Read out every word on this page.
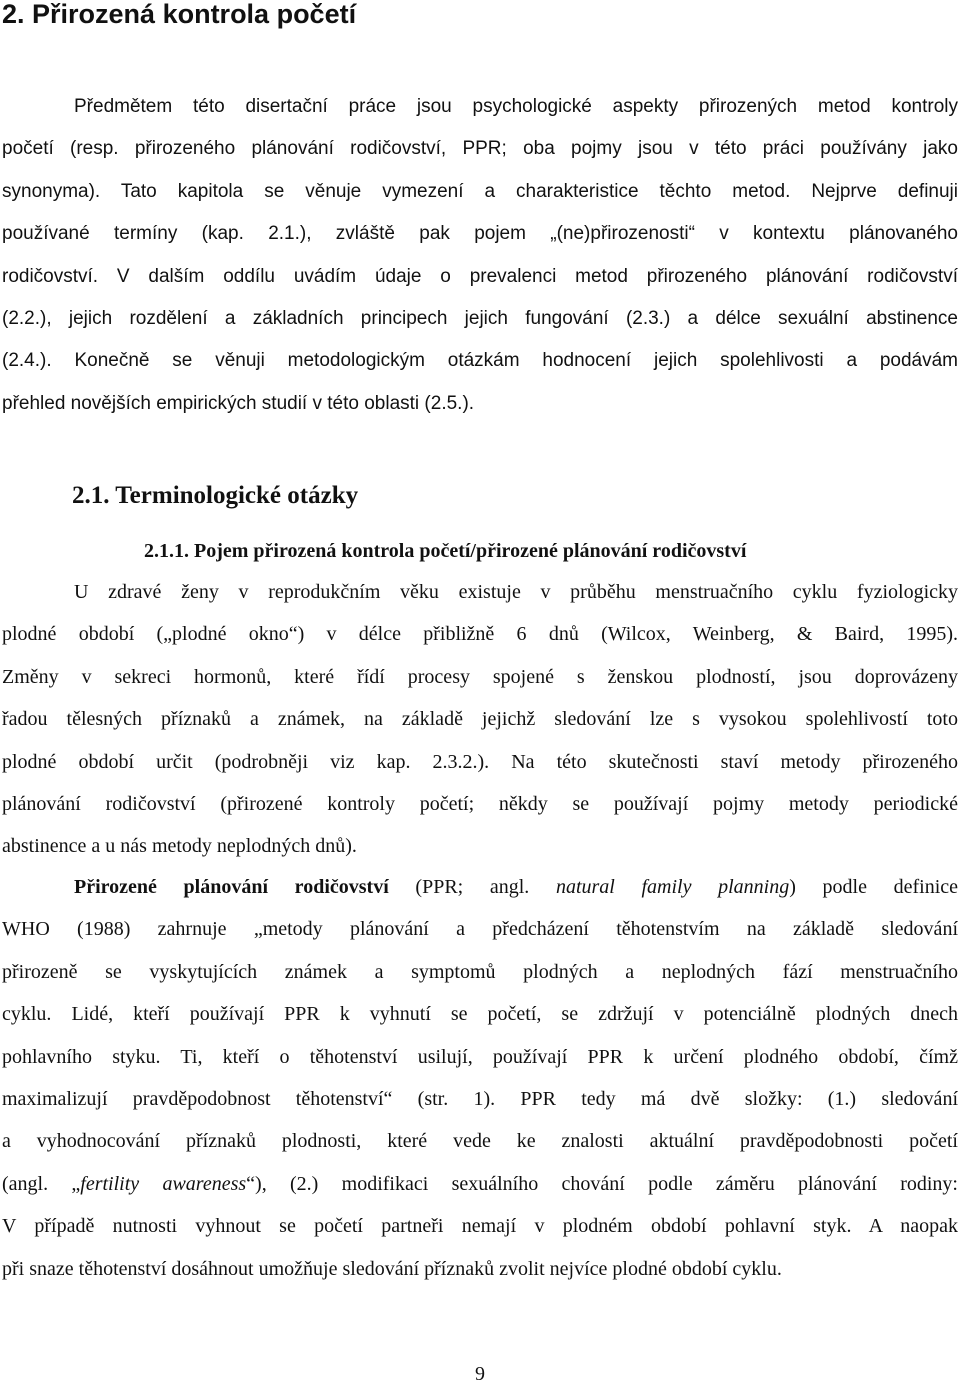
2. Přirozená kontrola početí
Předmětem této disertační práce jsou psychologické aspekty přirozených metod kontroly
početí (resp. přirozeného plánování rodičovství, PPR; oba pojmy jsou v této práci používány jako
synonyma). Tato kapitola se věnuje vymezení a charakteristice těchto metod. Nejprve definuji
používané termíny (kap. 2.1.), zvláště pak pojem „(ne)přirozenosti“ v kontextu plánovaného
rodičovství. V dalším oddílu uvádím údaje o prevalenci metod přirozeného plánování rodičovství
(2.2.), jejich rozdělení a základních principech jejich fungování (2.3.) a délce sexuální abstinence
(2.4.). Konečně se věnuji metodologickým otázkám hodnocení jejich spolehlivosti a podávám
přehled novějších empirických studií v této oblasti (2.5.).
2.1. Terminologické otázky
2.1.1. Pojem přirozená kontrola početí/přirozené plánování rodičovství
U zdravé ženy v reprodukčním věku existuje v průběhu menstruačního cyklu fyziologicky
plodné období („plodné okno“) v délce přibližně 6 dnů (Wilcox, Weinberg, & Baird, 1995).
Změny v sekreci hormonů, které řídí procesy spojené s ženskou plodností, jsou doprovázeny
řadou tělesných příznaků a známek, na základě jejichž sledování lze s vysokou spolehlivostí toto
plodné období určit (podrobněji viz kap. 2.3.2.). Na této skutečnosti staví metody přirozeného
plánování rodičovství (přirozené kontroly početí; někdy se používají pojmy metody periodické
abstinence a u nás metody neplodných dnů).
Přirozené plánování rodičovství (PPR; angl. natural family planning) podle definice
WHO (1988) zahrnuje „metody plánování a předcházení těhotenstvím na základě sledování
přirozeně se vyskytujících známek a symptomů plodných a neplodných fází menstruačního
cyklu. Lidé, kteří používají PPR k vyhnutí se početí, se zdržují v potenciálně plodných dnech
pohlavního styku. Ti, kteří o těhotenství usilují, používají PPR k určení plodného období, čímž
maximalizují pravděpodobnost těhotenství“ (str. 1). PPR tedy má dvě složky: (1.) sledování
a vyhodnocování příznaků plodnosti, které vede ke znalosti aktuální pravděpodobnosti početí
(angl. „fertility awareness“), (2.) modifikaci sexuálního chování podle záměru plánování rodiny:
V případě nutnosti vyhnout se početí partneři nemají v plodném období pohlavní styk. A naopak
při snaze těhotenství dosáhnout umožňuje sledování příznaků zvolit nejvíce plodné období cyklu.
9
